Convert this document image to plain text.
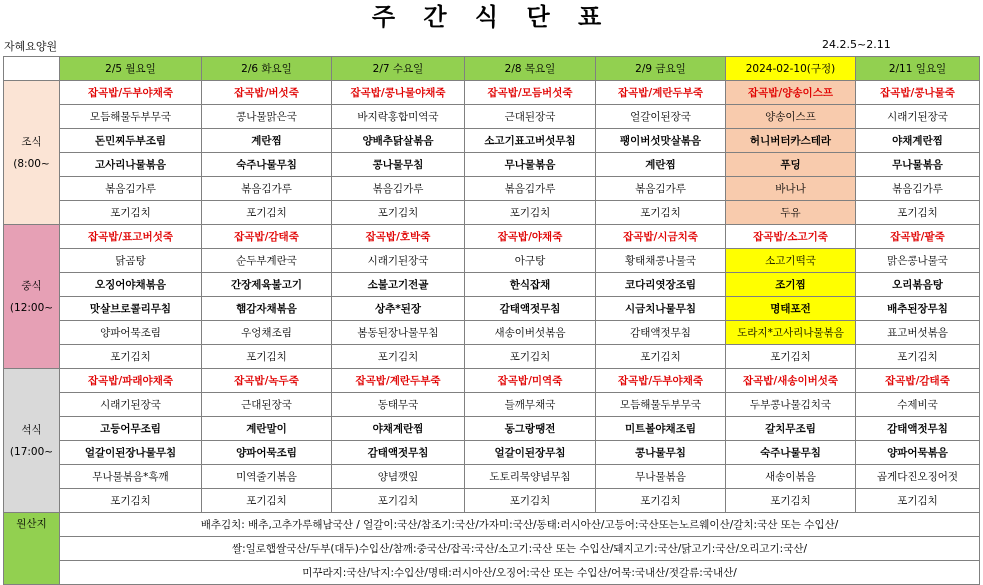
주 간 식 단 표
자혜요양원	24.2.5~2.11
	2/5 월요일	2/6 화요일	2/7 수요일	2/8 목요일	2/9 금요일	2024-02-10(구정)	2/11 일요일

조식
(8:00~	잡곡밥/두부야채죽	잡곡밥/버섯죽	잡곡밥/콩나물야채죽	잡곡밥/모듬버섯죽	잡곡밥/계란두부죽	잡곡밥/양송이스프	잡곡밥/콩나물죽
	모듬해물두부무국	콩나물맑은국	바지락홍합미역국	근대된장국	얼갈이된장국	양송이스프	시래기된장국
	돈민찌두부조림	계란찜	양배추닭살볶음	소고기표고버섯무침	팽이버섯맛살볶음	허니버터카스테라	야채계란찜
	고사리나물볶음	숙주나물무침	콩나물무침	무나물볶음	계란찜	푸딩	무나물볶음
	볶음김가루	볶음김가루	볶음김가루	볶음김가루	볶음김가루	바나나	볶음김가루
	포기김치	포기김치	포기김치	포기김치	포기김치	두유	포기김치

중식
(12:00~	잡곡밥/표고버섯죽	잡곡밥/감태죽	잡곡밥/호박죽	잡곡밥/야채죽	잡곡밥/시금치죽	잡곡밥/소고기죽	잡곡밥/팥죽
	닭곰탕	순두부계란국	시래기된장국	아구탕	황태채콩나물국	소고기떡국	맑은콩나물국
	오징어야채볶음	간장제육불고기	소불고기전골	한식잡채	코다리엿장조림	조기찜	오리볶음탕
	맛살브로콜리무침	햄감자채볶음	상추*된장	감태액젓무침	시금치나물무침	명태포전	배추된장무침
	양파어묵조림	우엉채조림	봄동된장나물무침	새송이버섯볶음	감태액젓무침	도라지*고사리나물볶음	표고버섯볶음
	포기김치	포기김치	포기김치	포기김치	포기김치	포기김치	포기김치

석식
(17:00~	잡곡밥/파래야채죽	잡곡밥/녹두죽	잡곡밥/계란두부죽	잡곡밥/미역죽	잡곡밥/두부야채죽	잡곡밥/새송이버섯죽	잡곡밥/감태죽
	시래기된장국	근대된장국	동태무국	들깨무채국	모듬해물두부무국	두부콩나물김치국	수제비국
	고등어무조림	계란말이	야채계란찜	동그랑땡전	미트볼야채조림	갈치무조림	감태액젓무침
	얼갈이된장나물무침	양파어묵조림	감태액젓무침	얼갈이된장무침	콩나물무침	숙주나물무침	양파어묵볶음
	무나물볶음*흑깨	미역줄기볶음	양념깻잎	도토리묵양념무침	무나물볶음	새송이볶음	곱게다진오징어젓
	포기김치	포기김치	포기김치	포기김치	포기김치	포기김치	포기김치
원산지	배추김치: 배추,고추가루해남국산 / 얼갈이:국산/참조기:국산/가자미:국산/동태:러시아산/고등어:국산또는노르웨이산/갈치:국산 또는 수입산/						
	쌀:일로햅쌀국산/두부(대두)수입산/참깨:중국산/잡곡:국산/소고기:국산 또는 수입산/돼지고기:국산/닭고기:국산/오리고기:국산/						
	미꾸라지:국산/낙지:수입산/명태:러시아산/오징어:국산 또는 수입산/어묵:국내산/젓갈류:국내산/						
